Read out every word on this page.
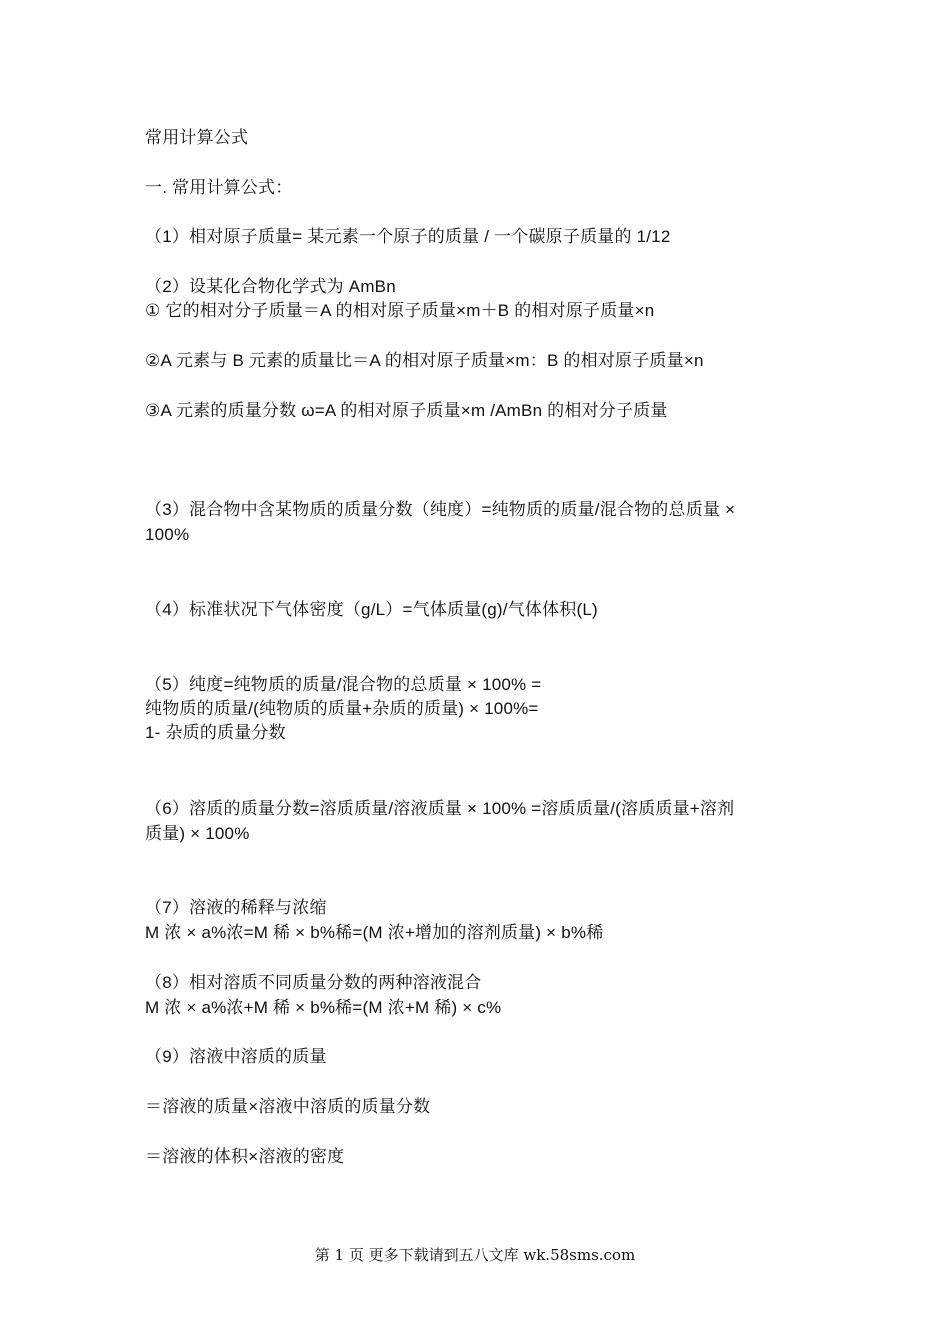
常用计算公式

一. 常用计算公式：

（1）相对原子质量= 某元素一个原子的质量 / 一个碳原子质量的 1/12

（2）设某化合物化学式为 AmBn

① 它的相对分子质量＝A 的相对原子质量×m＋B 的相对原子质量×n

②A 元素与 B 元素的质量比＝A 的相对原子质量×m：B 的相对原子质量×n

③A 元素的质量分数 ω=A 的相对原子质量×m /AmBn 的相对分子质量

（3）混合物中含某物质的质量分数（纯度）=纯物质的质量/混合物的总质量 ×

100%

（4）标准状况下气体密度（g/L）=气体质量(g)/气体体积(L)

（5）纯度=纯物质的质量/混合物的总质量 × 100% =

纯物质的质量/(纯物质的质量+杂质的质量) × 100%=

1- 杂质的质量分数

（6）溶质的质量分数=溶质质量/溶液质量 × 100% =溶质质量/(溶质质量+溶剂

质量) × 100%

（7）溶液的稀释与浓缩

M 浓 × a%浓=M 稀 × b%稀=(M 浓+增加的溶剂质量) × b%稀

（8）相对溶质不同质量分数的两种溶液混合

M 浓 × a%浓+M 稀 × b%稀=(M 浓+M 稀) × c%

（9）溶液中溶质的质量

＝溶液的质量×溶液中溶质的质量分数

＝溶液的体积×溶液的密度

第 1 页 更多下载请到五八文库 wk.58sms.com
